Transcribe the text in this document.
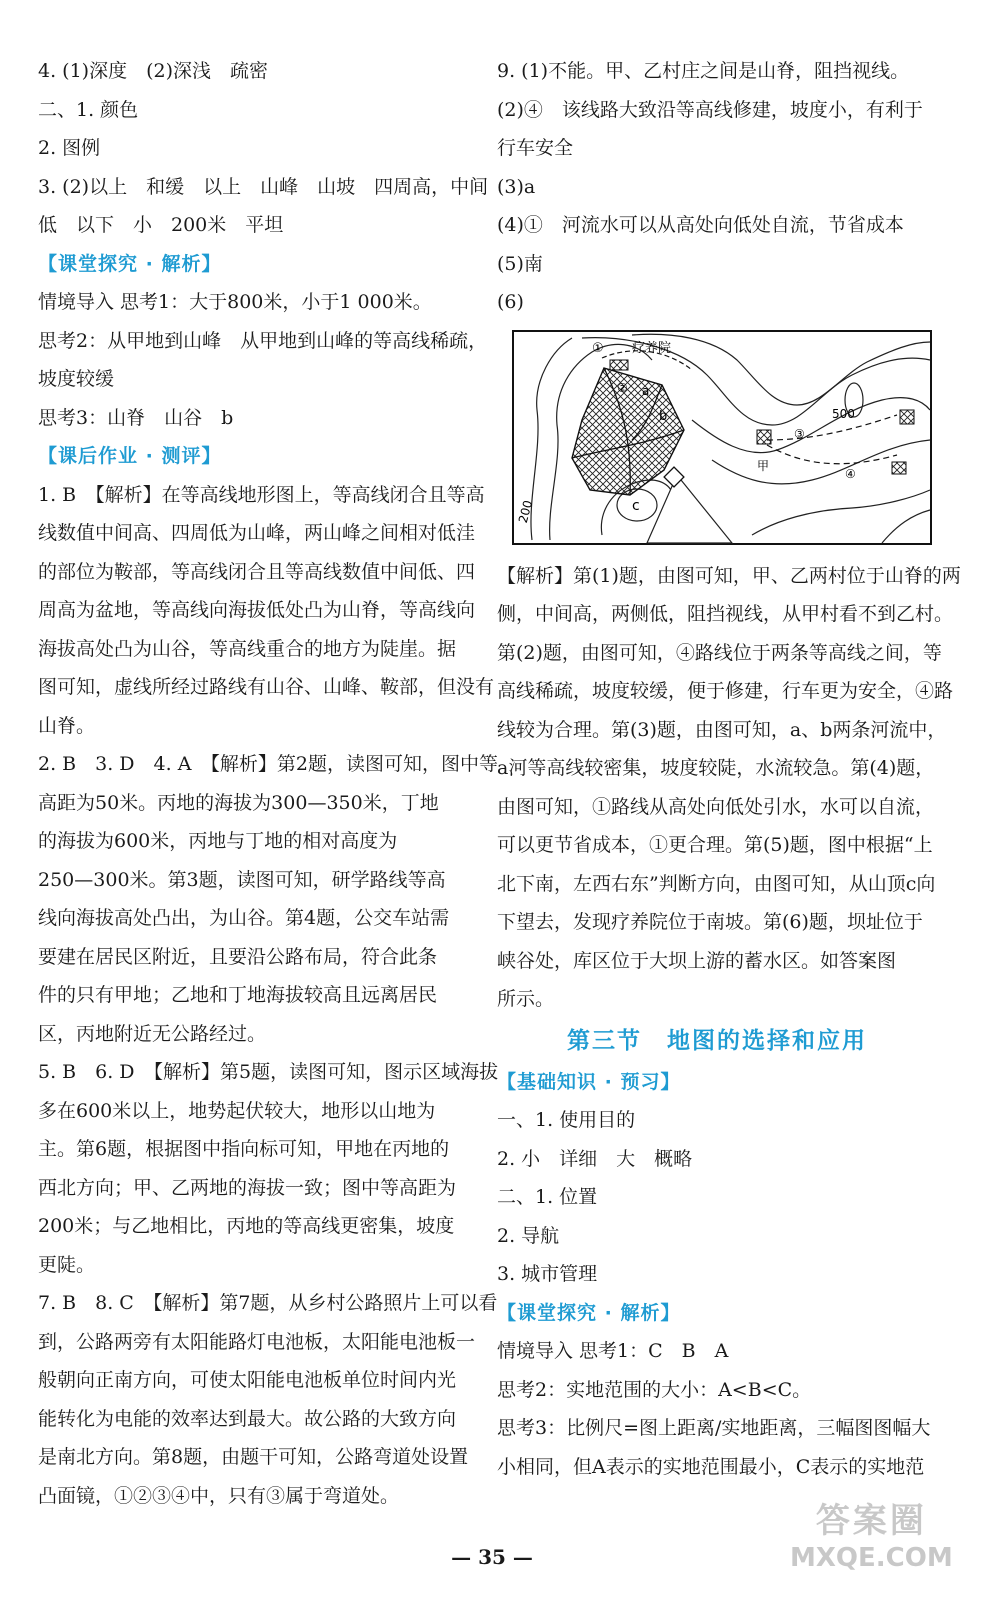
4. (1)深度　(2)深浅　疏密
二、1. 颜色
2. 图例
3. (2)以上　和缓　以上　山峰　山坡　四周高，中间
低　以下　小　200米　平坦
【课堂探究 · 解析】
情境导入 思考1：大于800米，小于1 000米。
思考2：从甲地到山峰　从甲地到山峰的等高线稀疏，
坡度较缓
思考3：山脊　山谷　b
【课后作业 · 测评】
1. B　【解析】在等高线地形图上，等高线闭合且等高
线数值中间高、四周低为山峰，两山峰之间相对低洼
的部位为鞍部，等高线闭合且等高线数值中间低、四
周高为盆地，等高线向海拔低处凸为山脊，等高线向
海拔高处凸为山谷，等高线重合的地方为陡崖。据
图可知，虚线所经过路线有山谷、山峰、鞍部，但没有
山脊。
2. B　3. D　4. A　【解析】第2题，读图可知，图中等
高距为50米。丙地的海拔为300—350米，丁地
的海拔为600米，丙地与丁地的相对高度为
250—300米。第3题，读图可知，研学路线等高
线向海拔高处凸出，为山谷。第4题，公交车站需
要建在居民区附近，且要沿公路布局，符合此条
件的只有甲地；乙地和丁地海拔较高且远离居民
区，丙地附近无公路经过。
5. B　6. D　【解析】第5题，读图可知，图示区域海拔
多在600米以上，地势起伏较大，地形以山地为
主。第6题，根据图中指向标可知，甲地在丙地的
西北方向；甲、乙两地的海拔一致；图中等高距为
200米；与乙地相比，丙地的等高线更密集，坡度
更陡。
7. B　8. C　【解析】第7题，从乡村公路照片上可以看
到，公路两旁有太阳能路灯电池板，太阳能电池板一
般朝向正南方向，可使太阳能电池板单位时间内光
能转化为电能的效率达到最大。故公路的大致方向
是南北方向。第8题，由题干可知，公路弯道处设置
凸面镜，①②③④中，只有③属于弯道处。
9. (1)不能。甲、乙村庄之间是山脊，阻挡视线。
(2)④　该线路大致沿等高线修建，坡度小，有利于
行车安全
(3)a
(4)①　河流水可以从高处向低处自流，节省成本
(5)南
(6)
疗养院
①
② a
b
c
甲
③
④
500
200
【解析】第(1)题，由图可知，甲、乙两村位于山脊的两
侧，中间高，两侧低，阻挡视线，从甲村看不到乙村。
第(2)题，由图可知，④路线位于两条等高线之间，等
高线稀疏，坡度较缓，便于修建，行车更为安全，④路
线较为合理。第(3)题，由图可知，a、b两条河流中，
a河等高线较密集，坡度较陡，水流较急。第(4)题，
由图可知，①路线从高处向低处引水，水可以自流，
可以更节省成本，①更合理。第(5)题，图中根据“上
北下南，左西右东”判断方向，由图可知，从山顶c向
下望去，发现疗养院位于南坡。第(6)题，坝址位于
峡谷处，库区位于大坝上游的蓄水区。如答案图
所示。
第三节　地图的选择和应用
【基础知识 · 预习】
一、1. 使用目的
2. 小　详细　大　概略
二、1. 位置
2. 导航
3. 城市管理
【课堂探究 · 解析】
情境导入 思考1：C　B　A
思考2：实地范围的大小：A<B<C。
思考3：比例尺=图上距离/实地距离，三幅图图幅大
小相同，但A表示的实地范围最小，C表示的实地范
— 35 —
答案圈
MXQE.COM
